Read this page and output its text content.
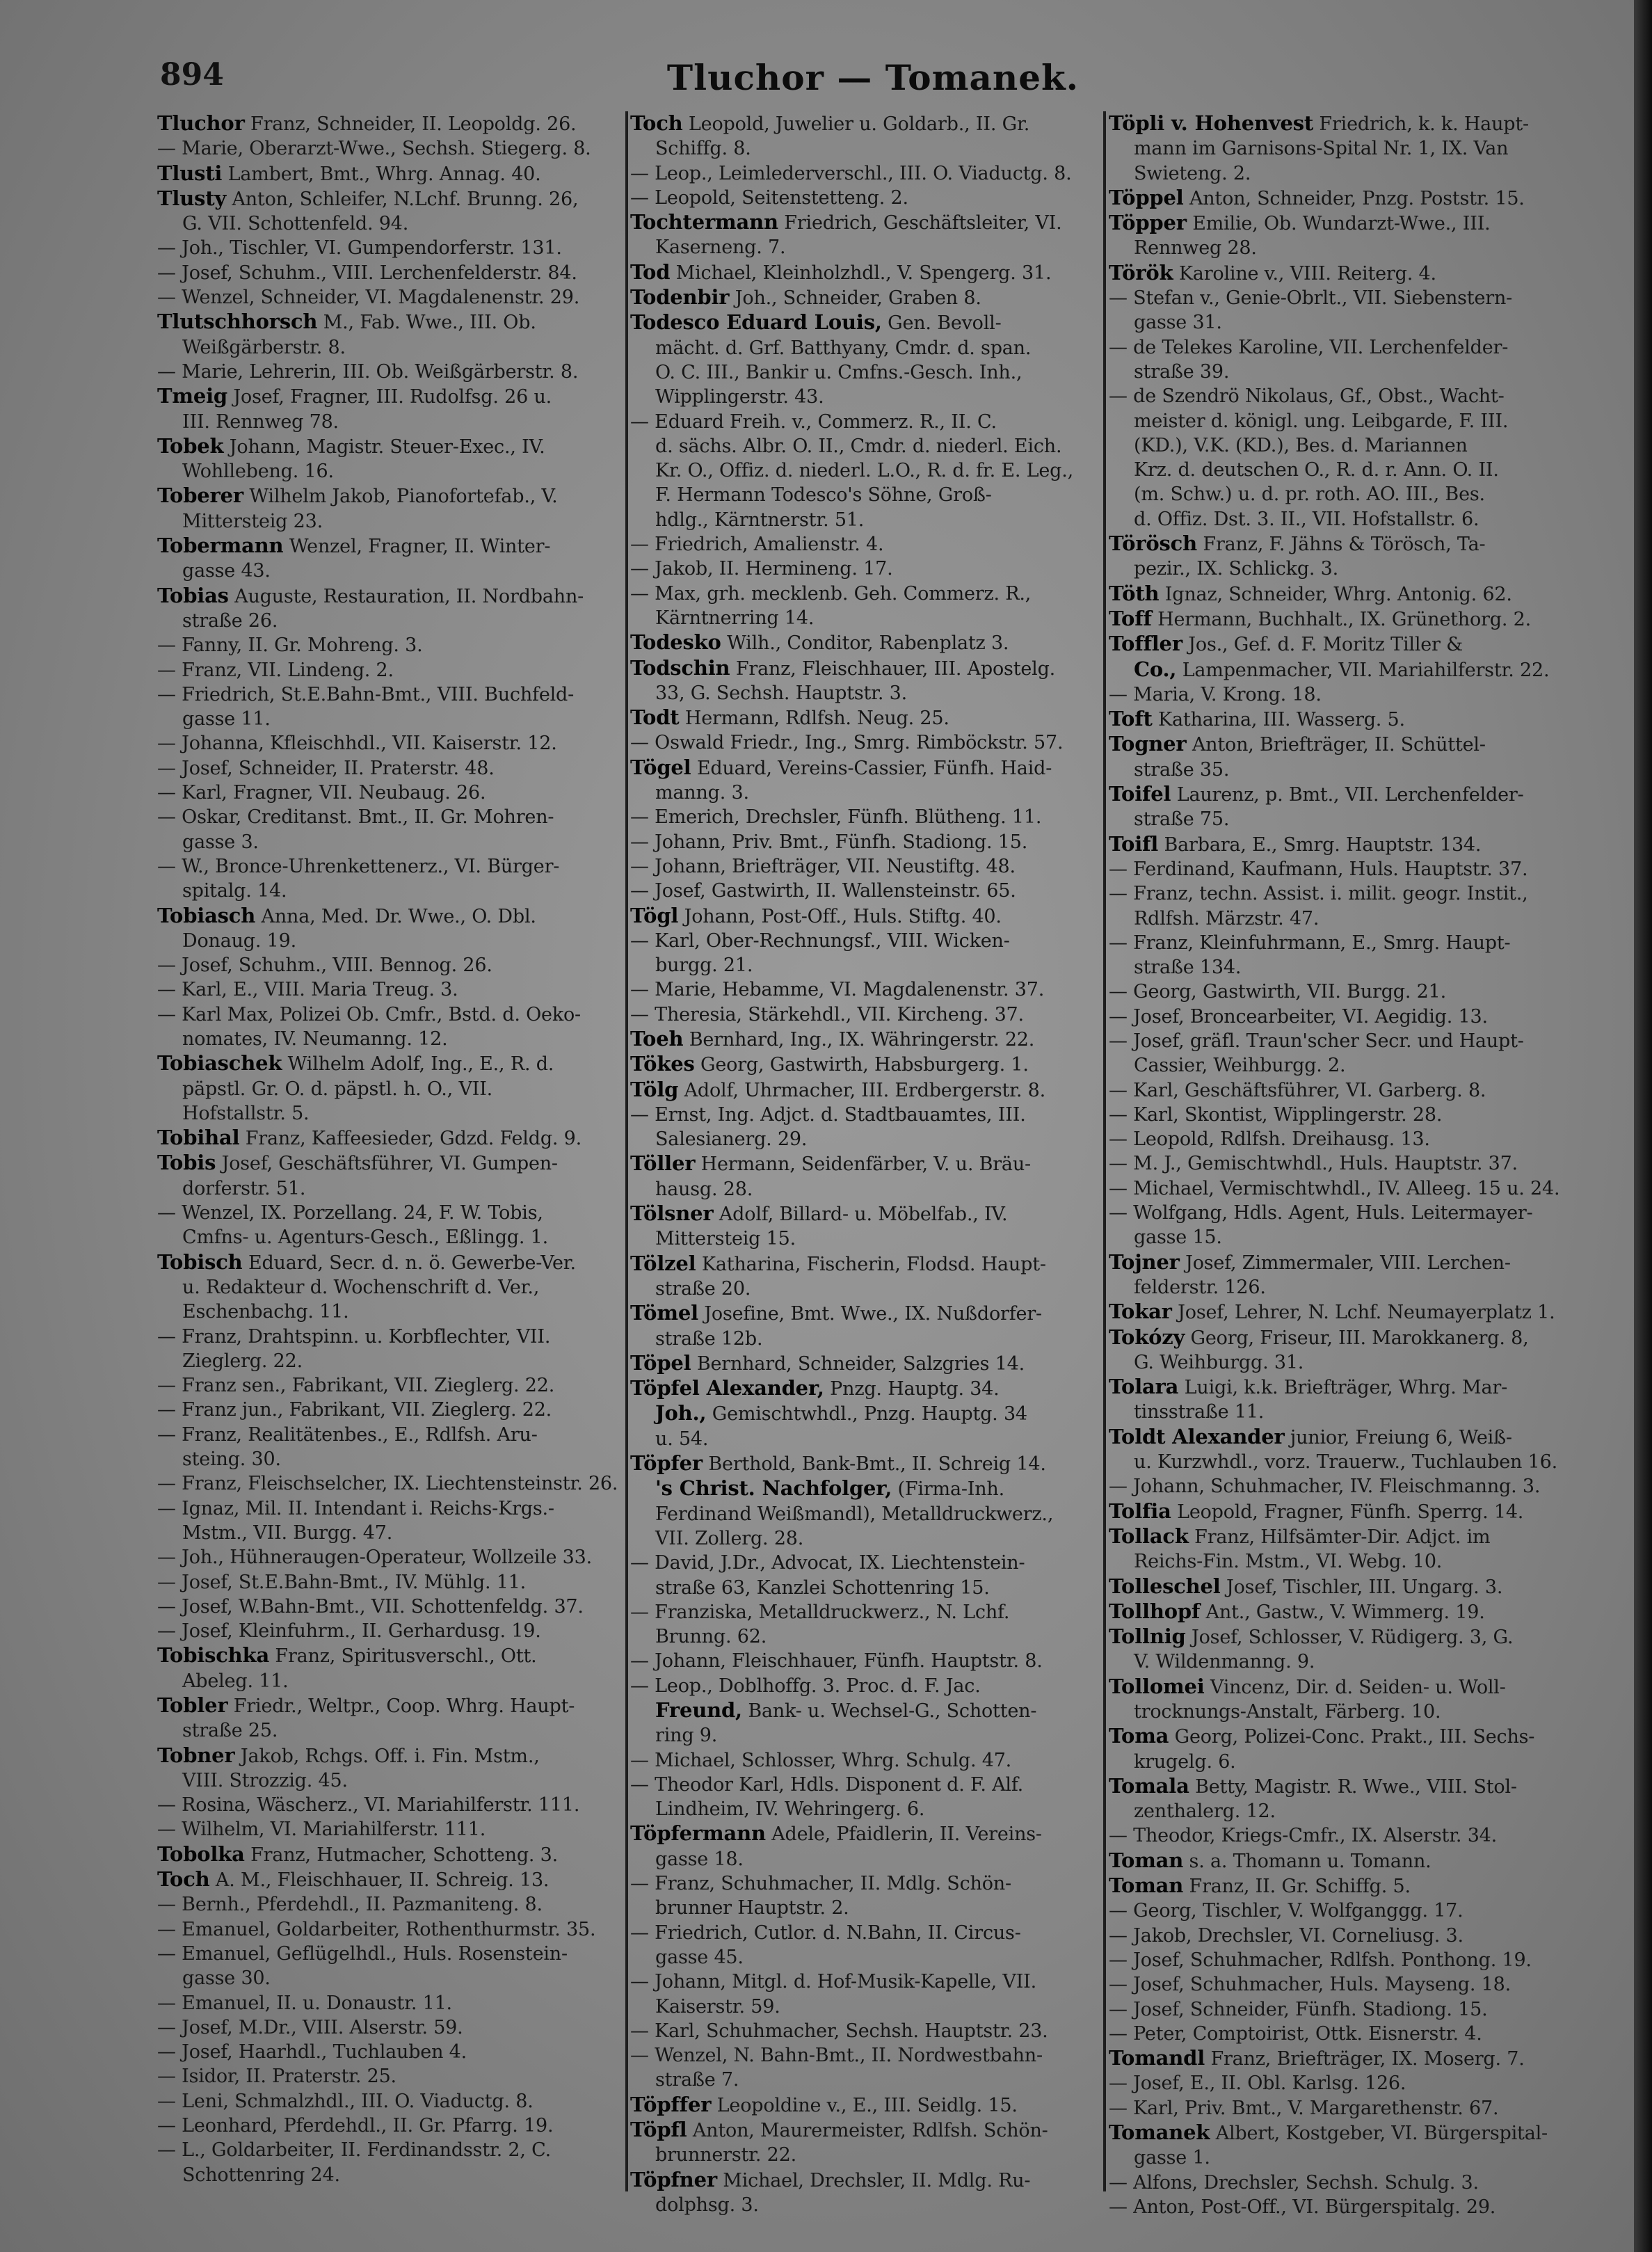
894	Tluchor — Tomanek.
Tluchor Franz, Schneider, II. Leopoldg. 26.
— Marie, Oberarzt-Wwe., Sechsh. Stiegerg. 8.
Tlusti Lambert, Bmt., Whrg. Annag. 40.
Tlusty Anton, Schleifer, N.Lchf. Brunng. 26,
G. VII. Schottenfeld. 94.
— Joh., Tischler, VI. Gumpendorferstr. 131.
— Josef, Schuhm., VIII. Lerchenfelderstr. 84.
— Wenzel, Schneider, VI. Magdalenenstr. 29.
Tlutschhorsch M., Fab. Wwe., III. Ob.
Weißgärberstr. 8.
— Marie, Lehrerin, III. Ob. Weißgärberstr. 8.
Tmeig Josef, Fragner, III. Rudolfsg. 26 u.
III. Rennweg 78.
Tobek Johann, Magistr. Steuer-Exec., IV.
Wohllebeng. 16.
Toberer Wilhelm Jakob, Pianofortefab., V.
Mittersteig 23.
Tobermann Wenzel, Fragner, II. Winter-
gasse 43.
Tobias Auguste, Restauration, II. Nordbahn-
straße 26.
— Fanny, II. Gr. Mohreng. 3.
— Franz, VII. Lindeng. 2.
— Friedrich, St.E.Bahn-Bmt., VIII. Buchfeld-
gasse 11.
— Johanna, Kfleischhdl., VII. Kaiserstr. 12.
— Josef, Schneider, II. Praterstr. 48.
— Karl, Fragner, VII. Neubaug. 26.
— Oskar, Creditanst. Bmt., II. Gr. Mohren-
gasse 3.
— W., Bronce-Uhrenkettenerz., VI. Bürger-
spitalg. 14.
Tobiasch Anna, Med. Dr. Wwe., O. Dbl.
Donaug. 19.
— Josef, Schuhm., VIII. Bennog. 26.
— Karl, E., VIII. Maria Treug. 3.
— Karl Max, Polizei Ob. Cmfr., Bstd. d. Oeko-
nomates, IV. Neumanng. 12.
Tobiaschek Wilhelm Adolf, Ing., E., R. d.
päpstl. Gr. O. d. päpstl. h. O., VII.
Hofstallstr. 5.
Tobihal Franz, Kaffeesieder, Gdzd. Feldg. 9.
Tobis Josef, Geschäftsführer, VI. Gumpen-
dorferstr. 51.
— Wenzel, IX. Porzellang. 24, F. W. Tobis,
Cmfns- u. Agenturs-Gesch., Eßlingg. 1.
Tobisch Eduard, Secr. d. n. ö. Gewerbe-Ver.
u. Redakteur d. Wochenschrift d. Ver.,
Eschenbachg. 11.
— Franz, Drahtspinn. u. Korbflechter, VII.
Zieglerg. 22.
— Franz sen., Fabrikant, VII. Zieglerg. 22.
— Franz jun., Fabrikant, VII. Zieglerg. 22.
— Franz, Realitätenbes., E., Rdlfsh. Aru-
steing. 30.
— Franz, Fleischselcher, IX. Liechtensteinstr. 26.
— Ignaz, Mil. II. Intendant i. Reichs-Krgs.-
Mstm., VII. Burgg. 47.
— Joh., Hühneraugen-Operateur, Wollzeile 33.
— Josef, St.E.Bahn-Bmt., IV. Mühlg. 11.
— Josef, W.Bahn-Bmt., VII. Schottenfeldg. 37.
— Josef, Kleinfuhrm., II. Gerhardusg. 19.
Tobischka Franz, Spiritusverschl., Ott.
Abeleg. 11.
Tobler Friedr., Weltpr., Coop. Whrg. Haupt-
straße 25.
Tobner Jakob, Rchgs. Off. i. Fin. Mstm.,
VIII. Strozzig. 45.
— Rosina, Wäscherz., VI. Mariahilferstr. 111.
— Wilhelm, VI. Mariahilferstr. 111.
Tobolka Franz, Hutmacher, Schotteng. 3.
Toch A. M., Fleischhauer, II. Schreig. 13.
— Bernh., Pferdehdl., II. Pazmaniteng. 8.
— Emanuel, Goldarbeiter, Rothenthurmstr. 35.
— Emanuel, Geflügelhdl., Huls. Rosenstein-
gasse 30.
— Emanuel, II. u. Donaustr. 11.
— Josef, M.Dr., VIII. Alserstr. 59.
— Josef, Haarhdl., Tuchlauben 4.
— Isidor, II. Praterstr. 25.
— Leni, Schmalzhdl., III. O. Viaductg. 8.
— Leonhard, Pferdehdl., II. Gr. Pfarrg. 19.
— L., Goldarbeiter, II. Ferdinandsstr. 2, C.
Schottenring 24.
Toch Leopold, Juwelier u. Goldarb., II. Gr.
Schiffg. 8.
— Leop., Leimlederverschl., III. O. Viaductg. 8.
— Leopold, Seitenstetteng. 2.
Tochtermann Friedrich, Geschäftsleiter, VI.
Kaserneng. 7.
Tod Michael, Kleinholzhdl., V. Spengerg. 31.
Todenbir Joh., Schneider, Graben 8.
Todesco Eduard Louis, Gen. Bevoll-
mächt. d. Grf. Batthyany, Cmdr. d. span.
O. C. III., Bankir u. Cmfns.-Gesch. Inh.,
Wipplingerstr. 43.
— Eduard Freih. v., Commerz. R., II. C.
d. sächs. Albr. O. II., Cmdr. d. niederl. Eich.
Kr. O., Offiz. d. niederl. L.O., R. d. fr. E. Leg.,
F. Hermann Todesco's Söhne, Groß-
hdlg., Kärntnerstr. 51.
— Friedrich, Amalienstr. 4.
— Jakob, II. Hermineng. 17.
— Max, grh. mecklenb. Geh. Commerz. R.,
Kärntnerring 14.
Todesko Wilh., Conditor, Rabenplatz 3.
Todschin Franz, Fleischhauer, III. Apostelg.
33, G. Sechsh. Hauptstr. 3.
Todt Hermann, Rdlfsh. Neug. 25.
— Oswald Friedr., Ing., Smrg. Rimböckstr. 57.
Tögel Eduard, Vereins-Cassier, Fünfh. Haid-
manng. 3.
— Emerich, Drechsler, Fünfh. Blütheng. 11.
— Johann, Priv. Bmt., Fünfh. Stadiong. 15.
— Johann, Briefträger, VII. Neustiftg. 48.
— Josef, Gastwirth, II. Wallensteinstr. 65.
Tögl Johann, Post-Off., Huls. Stiftg. 40.
— Karl, Ober-Rechnungsf., VIII. Wicken-
burgg. 21.
— Marie, Hebamme, VI. Magdalenenstr. 37.
— Theresia, Stärkehdl., VII. Kircheng. 37.
Toeh Bernhard, Ing., IX. Währingerstr. 22.
Tökes Georg, Gastwirth, Habsburgerg. 1.
Tölg Adolf, Uhrmacher, III. Erdbergerstr. 8.
— Ernst, Ing. Adjct. d. Stadtbauamtes, III.
Salesianerg. 29.
Töller Hermann, Seidenfärber, V. u. Bräu-
hausg. 28.
Tölsner Adolf, Billard- u. Möbelfab., IV.
Mittersteig 15.
Tölzel Katharina, Fischerin, Flodsd. Haupt-
straße 20.
Tömel Josefine, Bmt. Wwe., IX. Nußdorfer-
straße 12b.
Töpel Bernhard, Schneider, Salzgries 14.
Töpfel Alexander, Pnzg. Hauptg. 34.
Joh., Gemischtwhdl., Pnzg. Hauptg. 34
u. 54.
Töpfer Berthold, Bank-Bmt., II. Schreig 14.
's Christ. Nachfolger, (Firma-Inh.
Ferdinand Weißmandl), Metalldruckwerz.,
VII. Zollerg. 28.
— David, J.Dr., Advocat, IX. Liechtenstein-
straße 63, Kanzlei Schottenring 15.
— Franziska, Metalldruckwerz., N. Lchf.
Brunng. 62.
— Johann, Fleischhauer, Fünfh. Hauptstr. 8.
— Leop., Doblhoffg. 3. Proc. d. F. Jac.
Freund, Bank- u. Wechsel-G., Schotten-
ring 9.
— Michael, Schlosser, Whrg. Schulg. 47.
— Theodor Karl, Hdls. Disponent d. F. Alf.
Lindheim, IV. Wehringerg. 6.
Töpfermann Adele, Pfaidlerin, II. Vereins-
gasse 18.
— Franz, Schuhmacher, II. Mdlg. Schön-
brunner Hauptstr. 2.
— Friedrich, Cutlor. d. N.Bahn, II. Circus-
gasse 45.
— Johann, Mitgl. d. Hof-Musik-Kapelle, VII.
Kaiserstr. 59.
— Karl, Schuhmacher, Sechsh. Hauptstr. 23.
— Wenzel, N. Bahn-Bmt., II. Nordwestbahn-
straße 7.
Töpffer Leopoldine v., E., III. Seidlg. 15.
Töpfl Anton, Maurermeister, Rdlfsh. Schön-
brunnerstr. 22.
Töpfner Michael, Drechsler, II. Mdlg. Ru-
dolphsg. 3.
Töpli v. Hohenvest Friedrich, k. k. Haupt-
mann im Garnisons-Spital Nr. 1, IX. Van
Swieteng. 2.
Töppel Anton, Schneider, Pnzg. Poststr. 15.
Töpper Emilie, Ob. Wundarzt-Wwe., III.
Rennweg 28.
Török Karoline v., VIII. Reiterg. 4.
— Stefan v., Genie-Obrlt., VII. Siebenstern-
gasse 31.
— de Telekes Karoline, VII. Lerchenfelder-
straße 39.
— de Szendrö Nikolaus, Gf., Obst., Wacht-
meister d. königl. ung. Leibgarde, F. III.
(KD.), V.K. (KD.), Bes. d. Mariannen
Krz. d. deutschen O., R. d. r. Ann. O. II.
(m. Schw.) u. d. pr. roth. AO. III., Bes.
d. Offiz. Dst. 3. II., VII. Hofstallstr. 6.
Törösch Franz, F. Jähns & Törösch, Ta-
pezir., IX. Schlickg. 3.
Töth Ignaz, Schneider, Whrg. Antonig. 62.
Toff Hermann, Buchhalt., IX. Grünethorg. 2.
Toffler Jos., Gef. d. F. Moritz Tiller &
Co., Lampenmacher, VII. Mariahilferstr. 22.
— Maria, V. Krong. 18.
Toft Katharina, III. Wasserg. 5.
Togner Anton, Briefträger, II. Schüttel-
straße 35.
Toifel Laurenz, p. Bmt., VII. Lerchenfelder-
straße 75.
Toifl Barbara, E., Smrg. Hauptstr. 134.
— Ferdinand, Kaufmann, Huls. Hauptstr. 37.
— Franz, techn. Assist. i. milit. geogr. Instit.,
Rdlfsh. Märzstr. 47.
— Franz, Kleinfuhrmann, E., Smrg. Haupt-
straße 134.
— Georg, Gastwirth, VII. Burgg. 21.
— Josef, Broncearbeiter, VI. Aegidig. 13.
— Josef, gräfl. Traun'scher Secr. und Haupt-
Cassier, Weihburgg. 2.
— Karl, Geschäftsführer, VI. Garberg. 8.
— Karl, Skontist, Wipplingerstr. 28.
— Leopold, Rdlfsh. Dreihausg. 13.
— M. J., Gemischtwhdl., Huls. Hauptstr. 37.
— Michael, Vermischtwhdl., IV. Alleeg. 15 u. 24.
— Wolfgang, Hdls. Agent, Huls. Leitermayer-
gasse 15.
Tojner Josef, Zimmermaler, VIII. Lerchen-
felderstr. 126.
Tokar Josef, Lehrer, N. Lchf. Neumayerplatz 1.
Tokózy Georg, Friseur, III. Marokkanerg. 8,
G. Weihburgg. 31.
Tolara Luigi, k.k. Briefträger, Whrg. Mar-
tinsstraße 11.
Toldt Alexander junior, Freiung 6, Weiß-
u. Kurzwhdl., vorz. Trauerw., Tuchlauben 16.
— Johann, Schuhmacher, IV. Fleischmanng. 3.
Tolfia Leopold, Fragner, Fünfh. Sperrg. 14.
Tollack Franz, Hilfsämter-Dir. Adjct. im
Reichs-Fin. Mstm., VI. Webg. 10.
Tolleschel Josef, Tischler, III. Ungarg. 3.
Tollhopf Ant., Gastw., V. Wimmerg. 19.
Tollnig Josef, Schlosser, V. Rüdigerg. 3, G.
V. Wildenmanng. 9.
Tollomei Vincenz, Dir. d. Seiden- u. Woll-
trocknungs-Anstalt, Färberg. 10.
Toma Georg, Polizei-Conc. Prakt., III. Sechs-
krugelg. 6.
Tomala Betty, Magistr. R. Wwe., VIII. Stol-
zenthalerg. 12.
— Theodor, Kriegs-Cmfr., IX. Alserstr. 34.
Toman s. a. Thomann u. Tomann.
Toman Franz, II. Gr. Schiffg. 5.
— Georg, Tischler, V. Wolfganggg. 17.
— Jakob, Drechsler, VI. Corneliusg. 3.
— Josef, Schuhmacher, Rdlfsh. Ponthong. 19.
— Josef, Schuhmacher, Huls. Mayseng. 18.
— Josef, Schneider, Fünfh. Stadiong. 15.
— Peter, Comptoirist, Ottk. Eisnerstr. 4.
Tomandl Franz, Briefträger, IX. Moserg. 7.
— Josef, E., II. Obl. Karlsg. 126.
— Karl, Priv. Bmt., V. Margarethenstr. 67.
Tomanek Albert, Kostgeber, VI. Bürgerspital-
gasse 1.
— Alfons, Drechsler, Sechsh. Schulg. 3.
— Anton, Post-Off., VI. Bürgerspitalg. 29.
